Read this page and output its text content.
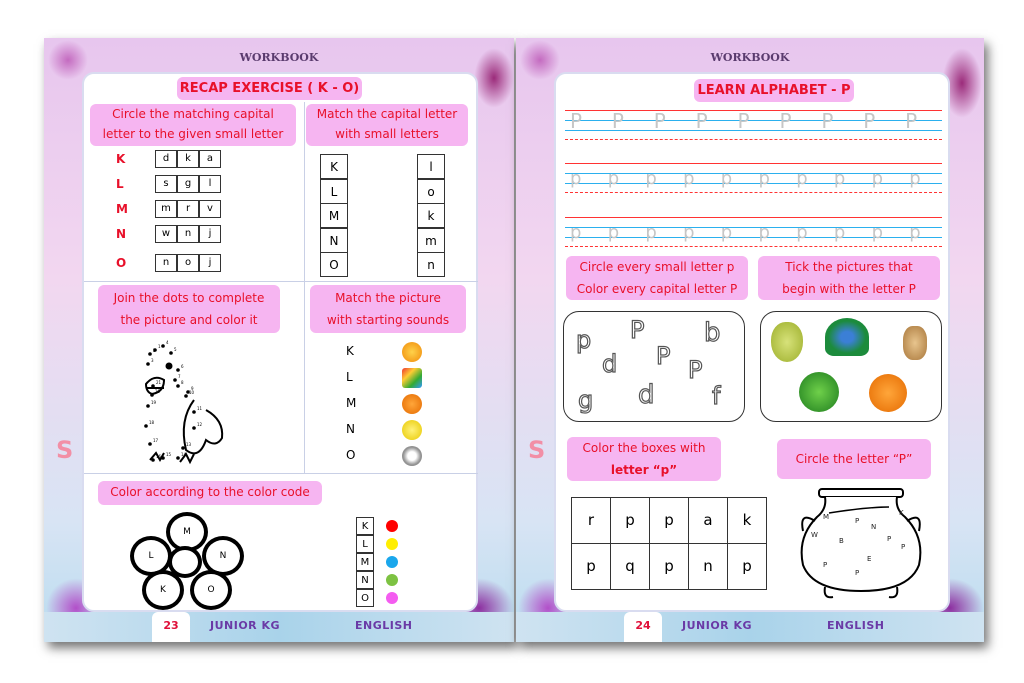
S
WORKBOOK
RECAP EXERCISE ( K - O)
Circle the matching capital
letter to the given small letter
K	d	k	a
L	s	g	l
M	m	r	v
N	w	n	j
O	n	o	j
Match the capital letter
with small letters
K	l
L	o
M	k
N	m
O	n
Join the dots to complete
the picture and color it
1
2
3
4
5
6
7
8
9
10
11
12
13
14
15
16
17
18
19
20
21
Match the picture
with starting sounds
K
L
M
N
O
Color according to the color code
M
L	N
K	O
K
L
M
N
O
23	JUNIOR KG	ENGLISH
S
WORKBOOK
LEARN ALPHABET - P
P P P P P P P P P
p p p p p p p p p p
p p p p p p p p p p
Circle every small letter p
Color every capital letter P
Tick the pictures that
begin with the letter P
p P b
d P P
g d f
Color the boxes with
letter “p”
Circle the letter “P”
r	p	p	a	k
p	q	p	n	p
M	P
N
K
W
B	P
P
E
P
P
24	JUNIOR KG	ENGLISH
